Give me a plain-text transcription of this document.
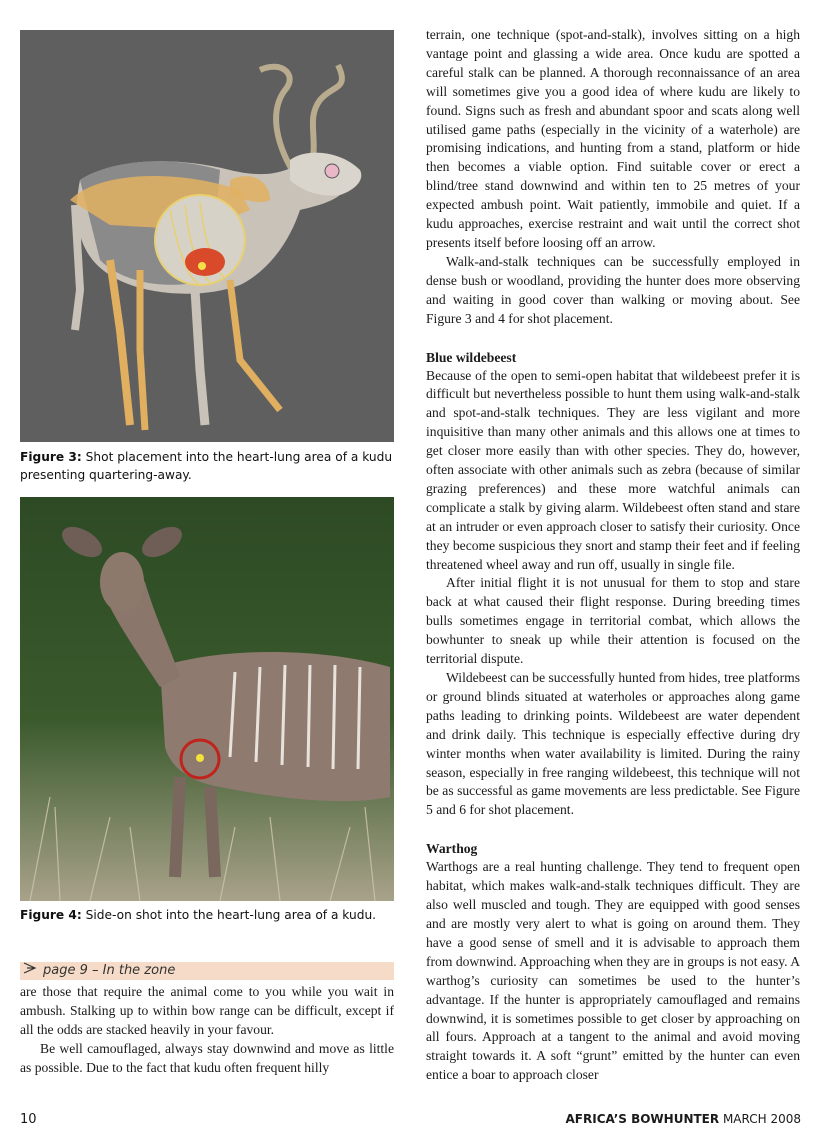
Figure 3: Shot placement into the heart-lung area of a kudu presenting quartering-away.
Figure 4: Side-on shot into the heart-lung area of a kudu.
page 9 – In the zone

are those that require the animal come to you while you wait in ambush. Stalking up to within bow range can be difficult, except if all the odds are stacked heavily in your favour.

Be well camouflaged, always stay downwind and move as little as possible. Due to the fact that kudu often frequent hilly

terrain, one technique (spot-and-stalk), involves sitting on a high vantage point and glassing a wide area. Once kudu are spotted a careful stalk can be planned. A thorough reconnaissance of an area will sometimes give you a good idea of where kudu are likely to found. Signs such as fresh and abundant spoor and scats along well utilised game paths (especially in the vicinity of a waterhole) are promising indications, and hunting from a stand, platform or hide then becomes a viable option. Find suitable cover or erect a blind/tree stand downwind and within ten to 25 metres of your expected ambush point. Wait patiently, immobile and quiet. If a kudu approaches, exercise restraint and wait until the correct shot presents itself before loosing off an arrow.

Walk-and-stalk techniques can be successfully employed in dense bush or woodland, providing the hunter does more observing and waiting in good cover than walking or moving about. See Figure 3 and 4 for shot placement.

Blue wildebeest

Because of the open to semi-open habitat that wildebeest prefer it is difficult but nevertheless possible to hunt them using walk-and-stalk and spot-and-stalk techniques. They are less vigilant and more inquisitive than many other animals and this allows one at times to get closer more easily than with other species. They do, however, often associate with other animals such as zebra (because of similar grazing preferences) and these more watchful animals can complicate a stalk by giving alarm. Wildebeest often stand and stare at an intruder or even approach closer to satisfy their curiosity. Once they become suspicious they snort and stamp their feet and if feeling threatened wheel away and run off, usually in single file.

After initial flight it is not unusual for them to stop and stare back at what caused their flight response. During breeding times bulls sometimes engage in territorial combat, which allows the bowhunter to sneak up while their attention is focused on the territorial dispute.

Wildebeest can be successfully hunted from hides, tree platforms or ground blinds situated at waterholes or approaches along game paths leading to drinking points. Wildebeest are water dependent and drink daily. This technique is especially effective during dry winter months when water availability is limited. During the rainy season, especially in free ranging wildebeest, this technique will not be as successful as game movements are less predictable. See Figure 5 and 6 for shot placement.

Warthog

Warthogs are a real hunting challenge. They tend to frequent open habitat, which makes walk-and-stalk techniques difficult. They are also well muscled and tough. They are equipped with good senses and are mostly very alert to what is going on around them. They have a good sense of smell and it is advisable to approach them from downwind. Approaching when they are in groups is not easy. A warthog’s curiosity can sometimes be used to the hunter’s advantage. If the hunter is appropriately camouflaged and remains downwind, it is sometimes possible to get closer by approaching on all fours. Approach at a tangent to the animal and avoid moving straight towards it. A soft “grunt” emitted by the hunter can even entice a boar to approach closer

10	AFRICA’S BOWHUNTER MARCH 2008
